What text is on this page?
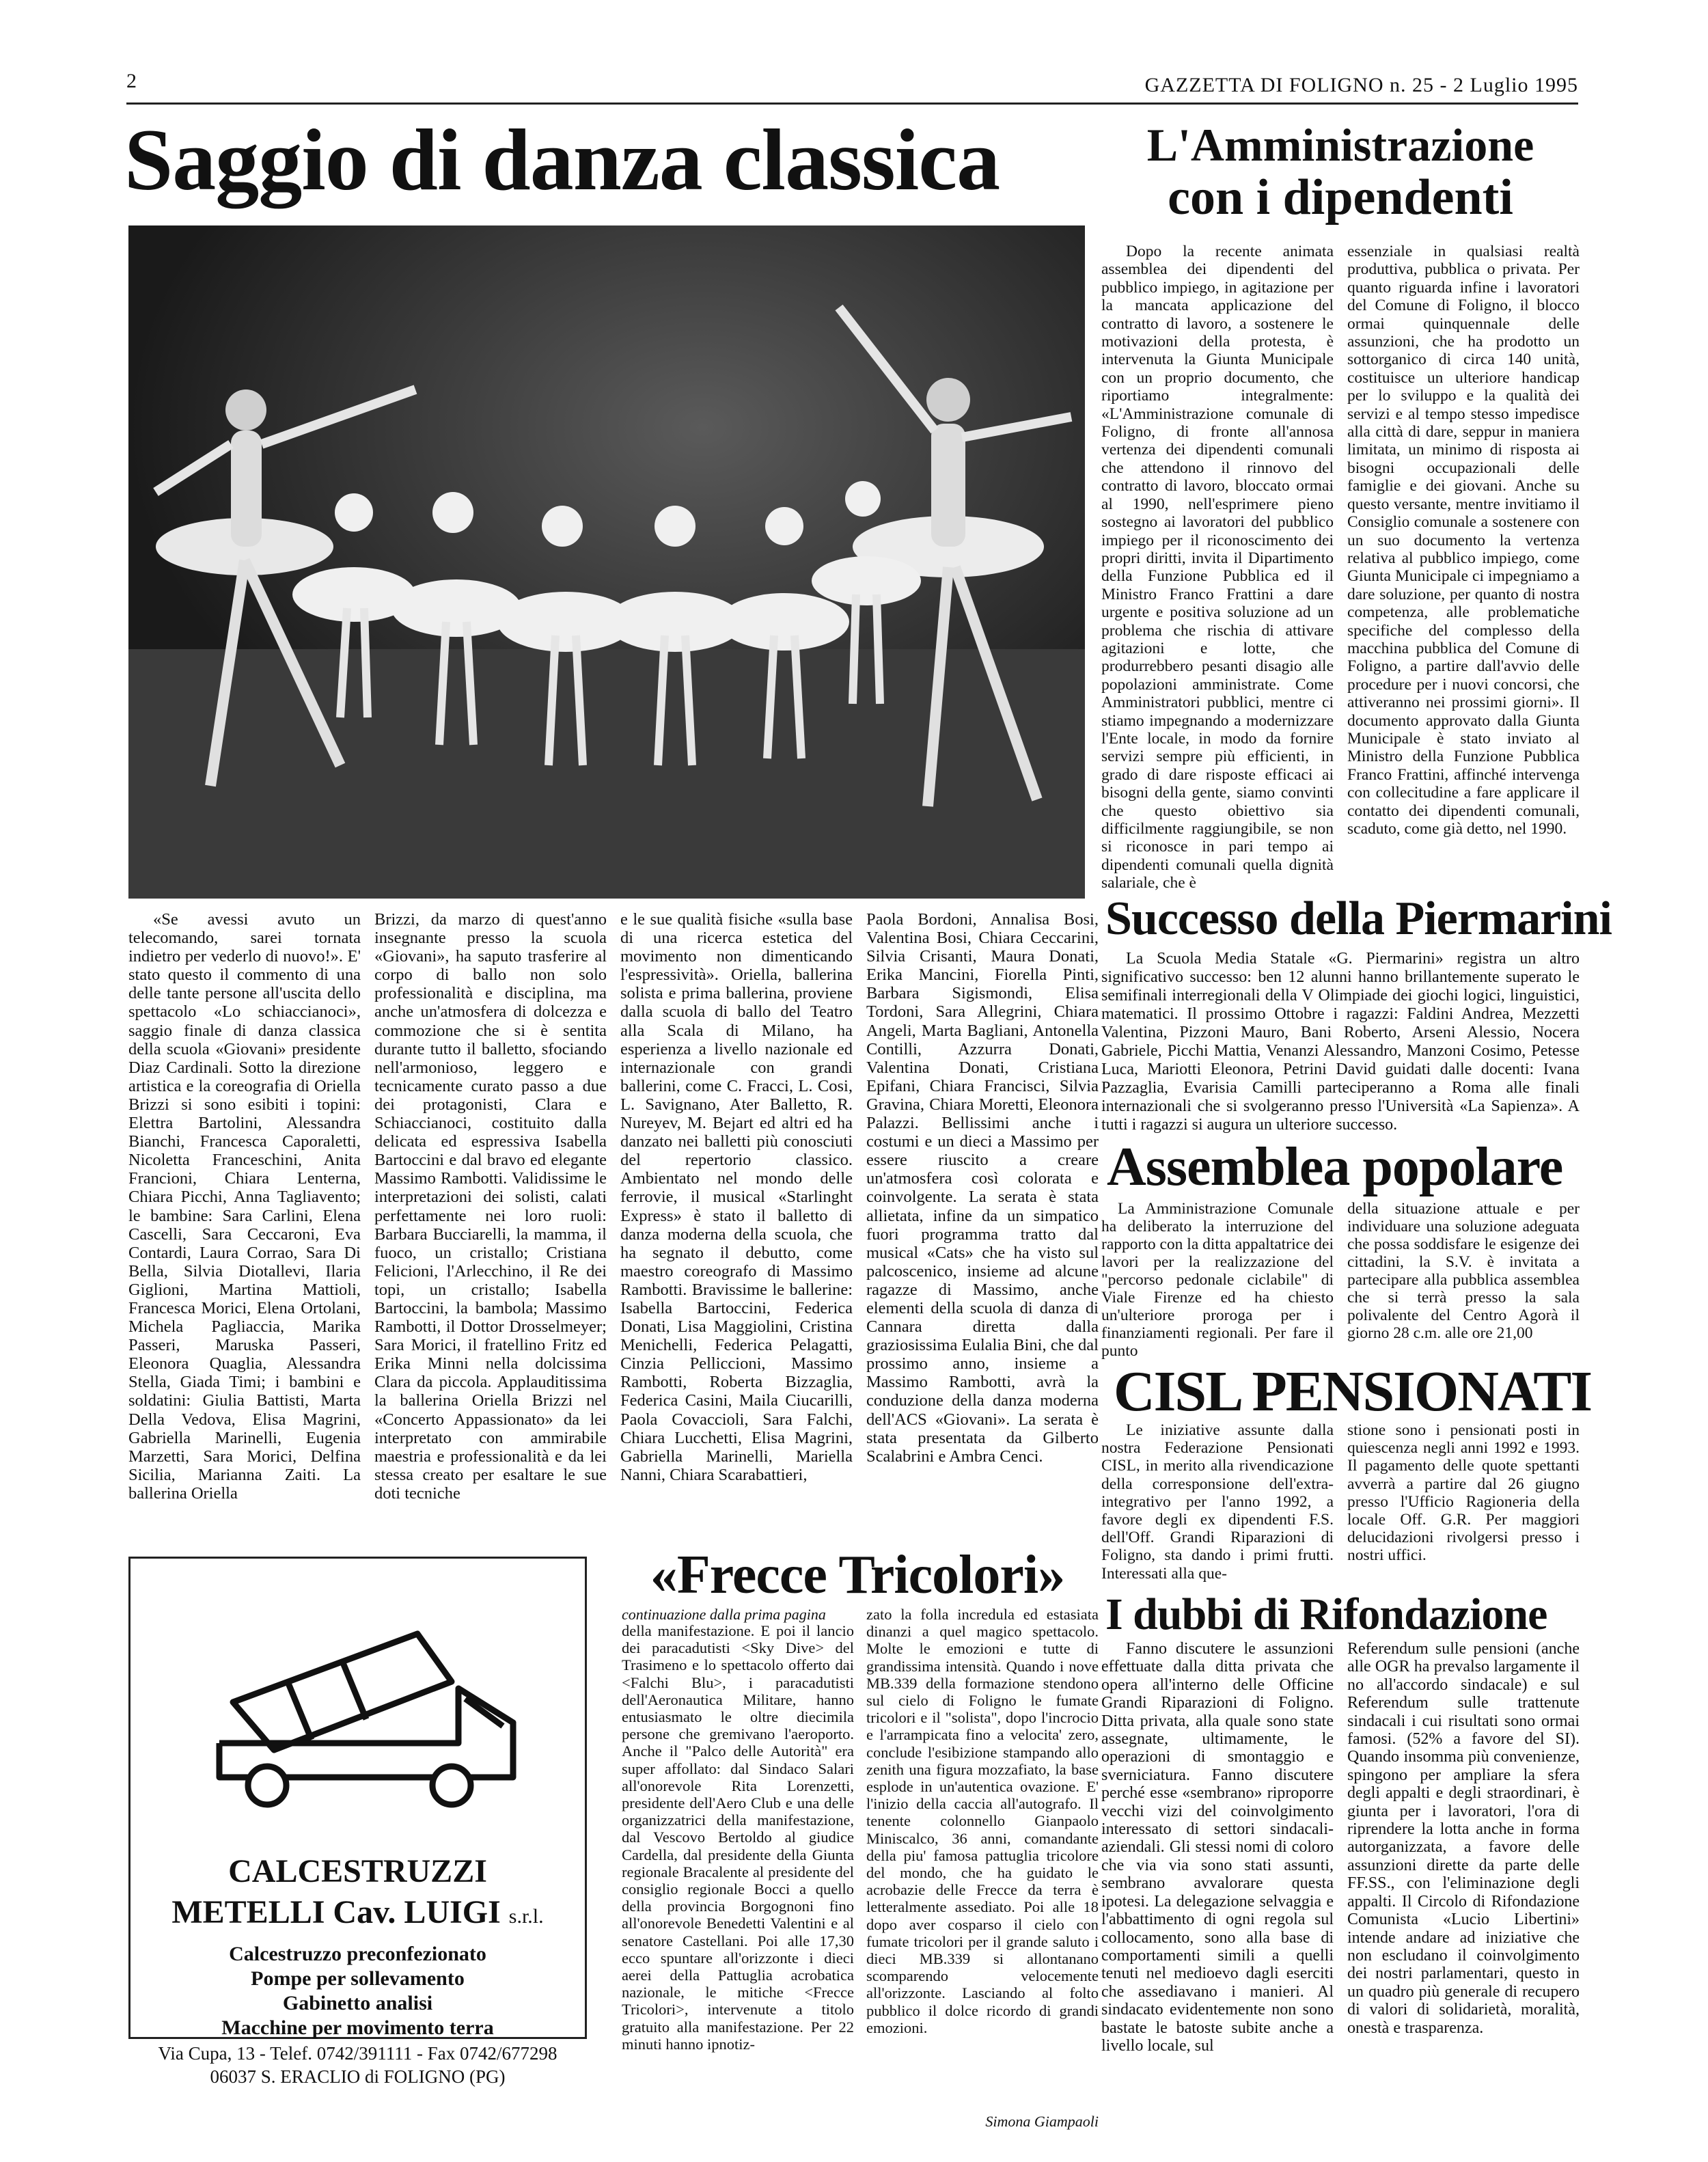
2	GAZZETTA DI FOLIGNO n. 25 - 2 Luglio 1995
Saggio di danza classica
«Se avessi avuto un telecomando, sarei tornata indietro per vederlo di nuovo!». E' stato questo il commento di una delle tante persone all'uscita dello spettacolo «Lo schiaccianoci», saggio finale di danza classica della scuola «Giovani» presidente Diaz Cardinali. Sotto la direzione artistica e la coreografia di Oriella Brizzi si sono esibiti i topini: Elettra Bartolini, Alessandra Bianchi, Francesca Caporaletti, Nicoletta Franceschini, Anita Francioni, Chiara Lenterna, Chiara Picchi, Anna Tagliavento; le bambine: Sara Carlini, Elena Cascelli, Sara Ceccaroni, Eva Contardi, Laura Corrao, Sara Di Bella, Silvia Diotallevi, Ilaria Giglioni, Martina Mattioli, Francesca Morici, Elena Ortolani, Michela Pagliaccia, Marika Passeri, Maruska Passeri, Eleonora Quaglia, Alessandra Stella, Giada Timi; i bambini e soldatini: Giulia Battisti, Marta Della Vedova, Elisa Magrini, Gabriella Marinelli, Eugenia Marzetti, Sara Morici, Delfina Sicilia, Marianna Zaiti. La ballerina Oriella
Brizzi, da marzo di quest'anno insegnante presso la scuola «Giovani», ha saputo trasferire al corpo di ballo non solo professionalità e disciplina, ma anche un'atmosfera di dolcezza e commozione che si è sentita durante tutto il balletto, sfociando nell'armonioso, leggero e tecnicamente curato passo a due dei protagonisti, Clara e Schiaccianoci, costituito dalla delicata ed espressiva Isabella Bartoccini e dal bravo ed elegante Massimo Rambotti. Validissime le interpretazioni dei solisti, calati perfettamente nei loro ruoli: Barbara Bucciarelli, la mamma, il fuoco, un cristallo; Cristiana Felicioni, l'Arlecchino, il Re dei topi, un cristallo; Isabella Bartoccini, la bambola; Massimo Rambotti, il Dottor Drosselmeyer; Sara Morici, il fratellino Fritz ed Erika Minni nella dolcissima Clara da piccola. Applauditissima la ballerina Oriella Brizzi nel «Concerto Appassionato» da lei interpretato con ammirabile maestria e professionalità e da lei stessa creato per esaltare le sue doti tecniche
e le sue qualità fisiche «sulla base di una ricerca estetica del movimento non dimenticando l'espressività». Oriella, ballerina solista e prima ballerina, proviene dalla scuola di ballo del Teatro alla Scala di Milano, ha esperienza a livello nazionale ed internazionale con grandi ballerini, come C. Fracci, L. Cosi, L. Savignano, Ater Balletto, R. Nureyev, M. Bejart ed altri ed ha danzato nei balletti più conosciuti del repertorio classico. Ambientato nel mondo delle ferrovie, il musical «Starlinght Express» è stato il balletto di danza moderna della scuola, che ha segnato il debutto, come maestro coreografo di Massimo Rambotti. Bravissime le ballerine: Isabella Bartoccini, Federica Donati, Lisa Maggiolini, Cristina Menichelli, Federica Pelagatti, Cinzia Pelliccioni, Massimo Rambotti, Roberta Bizzaglia, Federica Casini, Maila Ciucarilli, Paola Covaccioli, Sara Falchi, Chiara Lucchetti, Elisa Magrini, Gabriella Marinelli, Mariella Nanni, Chiara Scarabattieri,
Paola Bordoni, Annalisa Bosi, Valentina Bosi, Chiara Ceccarini, Silvia Crisanti, Maura Donati, Erika Mancini, Fiorella Pinti, Barbara Sigismondi, Elisa Tordoni, Sara Allegrini, Chiara Angeli, Marta Bagliani, Antonella Contilli, Azzurra Donati, Valentina Donati, Cristiana Epifani, Chiara Francisci, Silvia Gravina, Chiara Moretti, Eleonora Palazzi. Bellissimi anche i costumi e un dieci a Massimo per essere riuscito a creare un'atmosfera così colorata e coinvolgente. La serata è stata allietata, infine da un simpatico fuori programma tratto dal musical «Cats» che ha visto sul palcoscenico, insieme ad alcune ragazze di Massimo, anche elementi della scuola di danza di Cannara diretta dalla graziosissima Eulalia Bini, che dal prossimo anno, insieme a Massimo Rambotti, avrà la conduzione della danza moderna dell'ACS «Giovani». La serata è stata presentata da Gilberto Scalabrini e Ambra Cenci.
L'Amministrazione
con i dipendenti
Dopo la recente animata assemblea dei dipendenti del pubblico impiego, in agitazione per la mancata applicazione del contratto di lavoro, a sostenere le motivazioni della protesta, è intervenuta la Giunta Municipale con un proprio documento, che riportiamo integralmente: «L'Amministrazione comunale di Foligno, di fronte all'annosa vertenza dei dipendenti comunali che attendono il rinnovo del contratto di lavoro, bloccato ormai al 1990, nell'esprimere pieno sostegno ai lavoratori del pubblico impiego per il riconoscimento dei propri diritti, invita il Dipartimento della Funzione Pubblica ed il Ministro Franco Frattini a dare urgente e positiva soluzione ad un problema che rischia di attivare agitazioni e lotte, che produrrebbero pesanti disagio alle popolazioni amministrate. Come Amministratori pubblici, mentre ci stiamo impegnando a modernizzare l'Ente locale, in modo da fornire servizi sempre più efficienti, in grado di dare risposte efficaci ai bisogni della gente, siamo convinti che questo obiettivo sia difficilmente raggiungibile, se non si riconosce in pari tempo ai dipendenti comunali quella dignità salariale, che è
essenziale in qualsiasi realtà produttiva, pubblica o privata. Per quanto riguarda infine i lavoratori del Comune di Foligno, il blocco ormai quinquennale delle assunzioni, che ha prodotto un sottorganico di circa 140 unità, costituisce un ulteriore handicap per lo sviluppo e la qualità dei servizi e al tempo stesso impedisce alla città di dare, seppur in maniera limitata, un minimo di risposta ai bisogni occupazionali delle famiglie e dei giovani. Anche su questo versante, mentre invitiamo il Consiglio comunale a sostenere con un suo documento la vertenza relativa al pubblico impiego, come Giunta Municipale ci impegniamo a dare soluzione, per quanto di nostra competenza, alle problematiche specifiche del complesso della macchina pubblica del Comune di Foligno, a partire dall'avvio delle procedure per i nuovi concorsi, che attiveranno nei prossimi giorni». Il documento approvato dalla Giunta Municipale è stato inviato al Ministro della Funzione Pubblica Franco Frattini, affinché intervenga con collecitudine a fare applicare il contatto dei dipendenti comunali, scaduto, come già detto, nel 1990.
Successo della Piermarini
La Scuola Media Statale «G. Piermarini» registra un altro significativo successo: ben 12 alunni hanno brillantemente superato le semifinali interregionali della V Olimpiade dei giochi logici, linguistici, matematici. Il prossimo Ottobre i ragazzi: Faldini Andrea, Mezzetti Valentina, Pizzoni Mauro, Bani Roberto, Arseni Alessio, Nocera Gabriele, Picchi Mattia, Venanzi Alessandro, Manzoni Cosimo, Petesse Luca, Mariotti Eleonora, Petrini David guidati dalle docenti: Ivana Pazzaglia, Evarisia Camilli parteciperanno a Roma alle finali internazionali che si svolgeranno presso l'Università «La Sapienza». A tutti i ragazzi si augura un ulteriore successo.
Assemblea popolare
La Amministrazione Comunale ha deliberato la interruzione del rapporto con la ditta appaltatrice dei lavori per la realizzazione del "percorso pedonale ciclabile" di Viale Firenze ed ha chiesto un'ulteriore proroga per i finanziamenti regionali. Per fare il punto
della situazione attuale e per individuare una soluzione adeguata che possa soddisfare le esigenze dei cittadini, la S.V. è invitata a partecipare alla pubblica assemblea che si terrà presso la sala polivalente del Centro Agorà il giorno 28 c.m. alle ore 21,00
CISL PENSIONATI
Le iniziative assunte dalla nostra Federazione Pensionati CISL, in merito alla rivendicazione della corresponsione dell'extra-integrativo per l'anno 1992, a favore degli ex dipendenti F.S. dell'Off. Grandi Riparazioni di Foligno, sta dando i primi frutti. Interessati alla que-
stione sono i pensionati posti in quiescenza negli anni 1992 e 1993. Il pagamento delle quote spettanti avverrà a partire dal 26 giugno presso l'Ufficio Ragioneria della locale Off. G.R. Per maggiori delucidazioni rivolgersi presso i nostri uffici.
I dubbi di Rifondazione
Fanno discutere le assunzioni effettuate dalla ditta privata che opera all'interno delle Officine Grandi Riparazioni di Foligno. Ditta privata, alla quale sono state assegnate, ultimamente, le operazioni di smontaggio e sverniciatura. Fanno discutere perché esse «sembrano» riproporre vecchi vizi del coinvolgimento interessato di settori sindacali-aziendali. Gli stessi nomi di coloro che via via sono stati assunti, sembrano avvalorare questa ipotesi. La delegazione selvaggia e l'abbattimento di ogni regola sul collocamento, sono alla base di comportamenti simili a quelli tenuti nel medioevo dagli eserciti che assediavano i manieri. Al sindacato evidentemente non sono bastate le batoste subite anche a livello locale, sul
Referendum sulle pensioni (anche alle OGR ha prevalso largamente il no all'accordo sindacale) e sul Referendum sulle trattenute sindacali i cui risultati sono ormai famosi. (52% a favore del SI). Quando insomma più convenienze, spingono per ampliare la sfera degli appalti e degli straordinari, è giunta per i lavoratori, l'ora di riprendere la lotta anche in forma autorganizzata, a favore delle assunzioni dirette da parte delle FF.SS., con l'eliminazione degli appalti. Il Circolo di Rifondazione Comunista «Lucio Libertini» intende andare ad iniziative che non escludano il coinvolgimento dei nostri parlamentari, questo in un quadro più generale di recupero di valori di solidarietà, moralità, onestà e trasparenza.
«Frecce Tricolori»
continuazione dalla prima pagina
della manifestazione. E poi il lancio dei paracadutisti <Sky Dive> del Trasimeno e lo spettacolo offerto dai <Falchi Blu>, i paracadutisti dell'Aeronautica Militare, hanno entusiasmato le oltre diecimila persone che gremivano l'aeroporto. Anche il "Palco delle Autorità" era super affollato: dal Sindaco Salari all'onorevole Rita Lorenzetti, presidente dell'Aero Club e una delle organizzatrici della manifestazione, dal Vescovo Bertoldo al giudice Cardella, dal presidente della Giunta regionale Bracalente al presidente del consiglio regionale Bocci a quello della provincia Borgognoni fino all'onorevole Benedetti Valentini e al senatore Castellani. Poi alle 17,30 ecco spuntare all'orizzonte i dieci aerei della Pattuglia acrobatica nazionale, le mitiche <Frecce Tricolori>, intervenute a titolo gratuito alla manifestazione. Per 22 minuti hanno ipnotiz-
zato la folla incredula ed estasiata dinanzi a quel magico spettacolo. Molte le emozioni e tutte di grandissima intensità. Quando i nove MB.339 della formazione stendono sul cielo di Foligno le fumate tricolori e il "solista", dopo l'incrocio e l'arrampicata fino a velocita' zero, conclude l'esibizione stampando allo zenith una figura mozzafiato, la base esplode in un'autentica ovazione. E' l'inizio della caccia all'autografo. Il tenente colonnello Gianpaolo Miniscalco, 36 anni, comandante della piu' famosa pattuglia tricolore del mondo, che ha guidato le acrobazie delle Frecce da terra è letteralmente assediato. Poi alle 18 dopo aver cosparso il cielo con fumate tricolori per il grande saluto i dieci MB.339 si allontanano scomparendo velocemente all'orizzonte. Lasciando al folto pubblico il dolce ricordo di grandi emozioni.
Simona Giampaoli
CALCESTRUZZI
METELLI Cav. LUIGI s.r.l.
Calcestruzzo preconfezionato
Pompe per sollevamento
Gabinetto analisi
Macchine per movimento terra
Via Cupa, 13 - Telef. 0742/391111 - Fax 0742/677298
06037 S. ERACLIO di FOLIGNO (PG)
